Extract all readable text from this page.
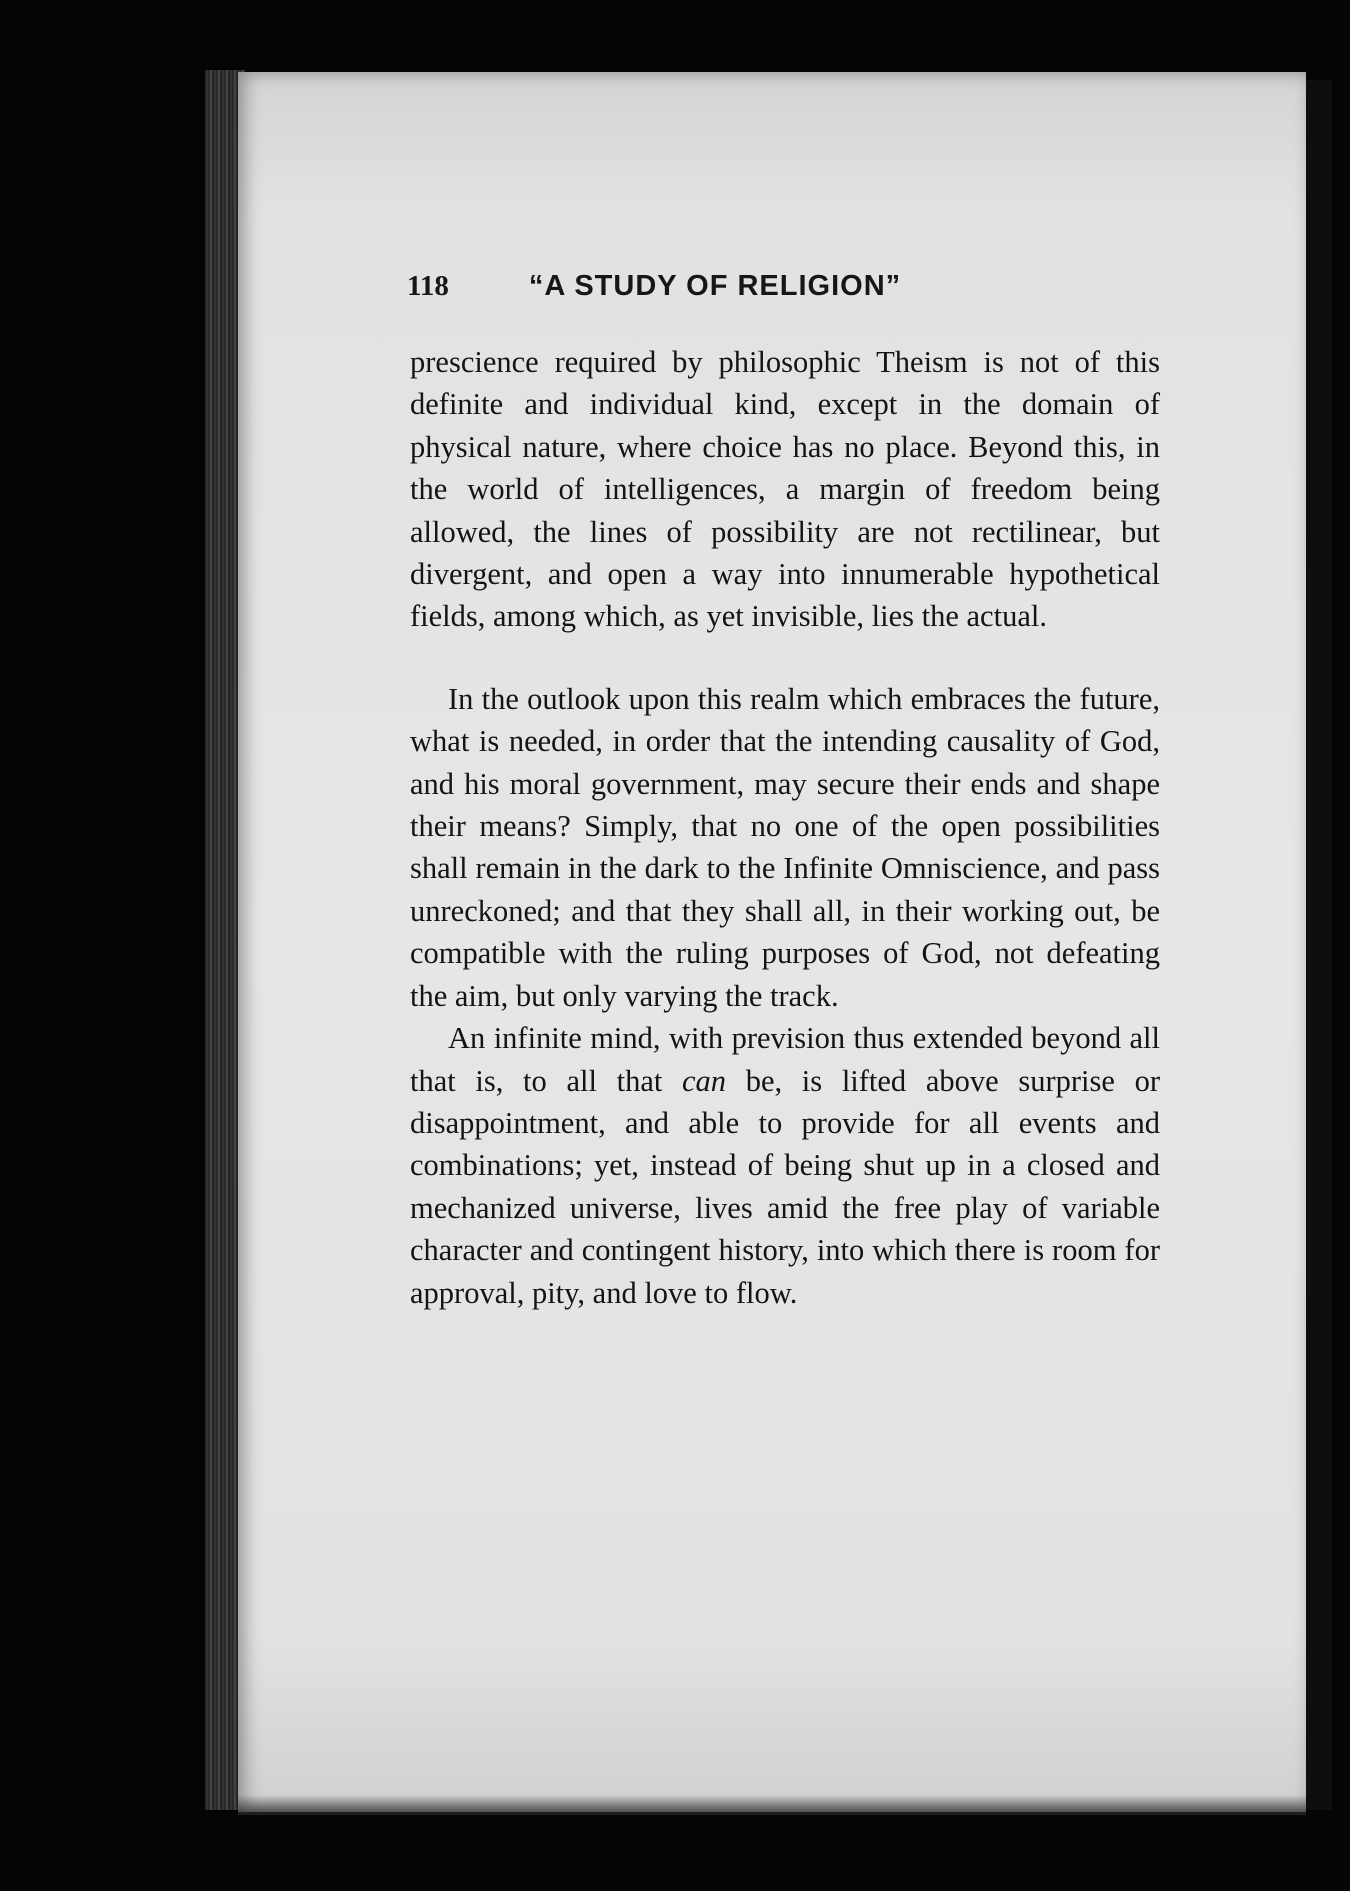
118	“A STUDY OF RELIGION”

prescience required by philosophic Theism is not of this definite and individual kind, except in the domain of physical nature, where choice has no place. Beyond this, in the world of intelligences, a margin of freedom being allowed, the lines of possibility are not rectilinear, but divergent, and open a way into innumerable hypothetical fields, among which, as yet invisible, lies the actual.

In the outlook upon this realm which embraces the future, what is needed, in order that the intending causality of God, and his moral government, may secure their ends and shape their means? Simply, that no one of the open possibilities shall remain in the dark to the Infinite Omniscience, and pass unreckoned; and that they shall all, in their working out, be compatible with the ruling purposes of God, not defeating the aim, but only varying the track.

An infinite mind, with prevision thus extended beyond all that is, to all that can be, is lifted above surprise or disappointment, and able to provide for all events and combinations; yet, instead of being shut up in a closed and mechanized universe, lives amid the free play of variable character and contingent history, into which there is room for approval, pity, and love to flow.
